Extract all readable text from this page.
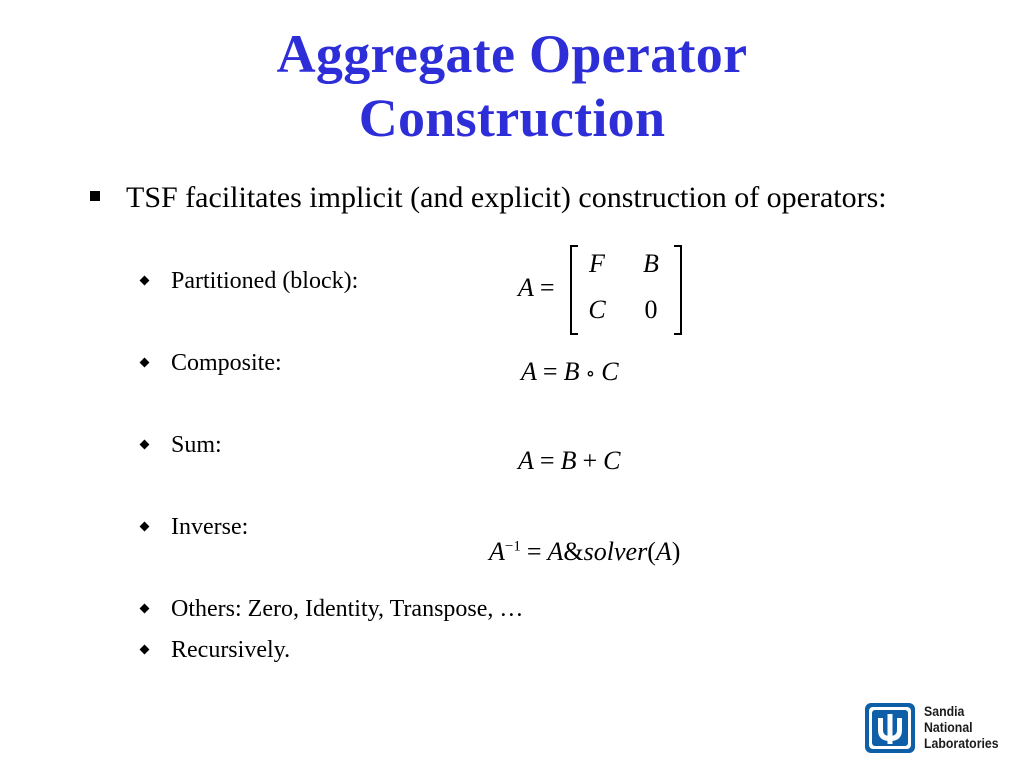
Aggregate Operator
Construction
TSF facilitates implicit (and explicit) construction of operators:
Partitioned (block):
Composite:
Sum:
Inverse:
Others: Zero, Identity, Transpose, …
Recursively.
A =
F B
C	0
A = B ∘ C
A = B + C
$A^{-1}$ = A&solver(A)
Sandia
National
Laboratories
